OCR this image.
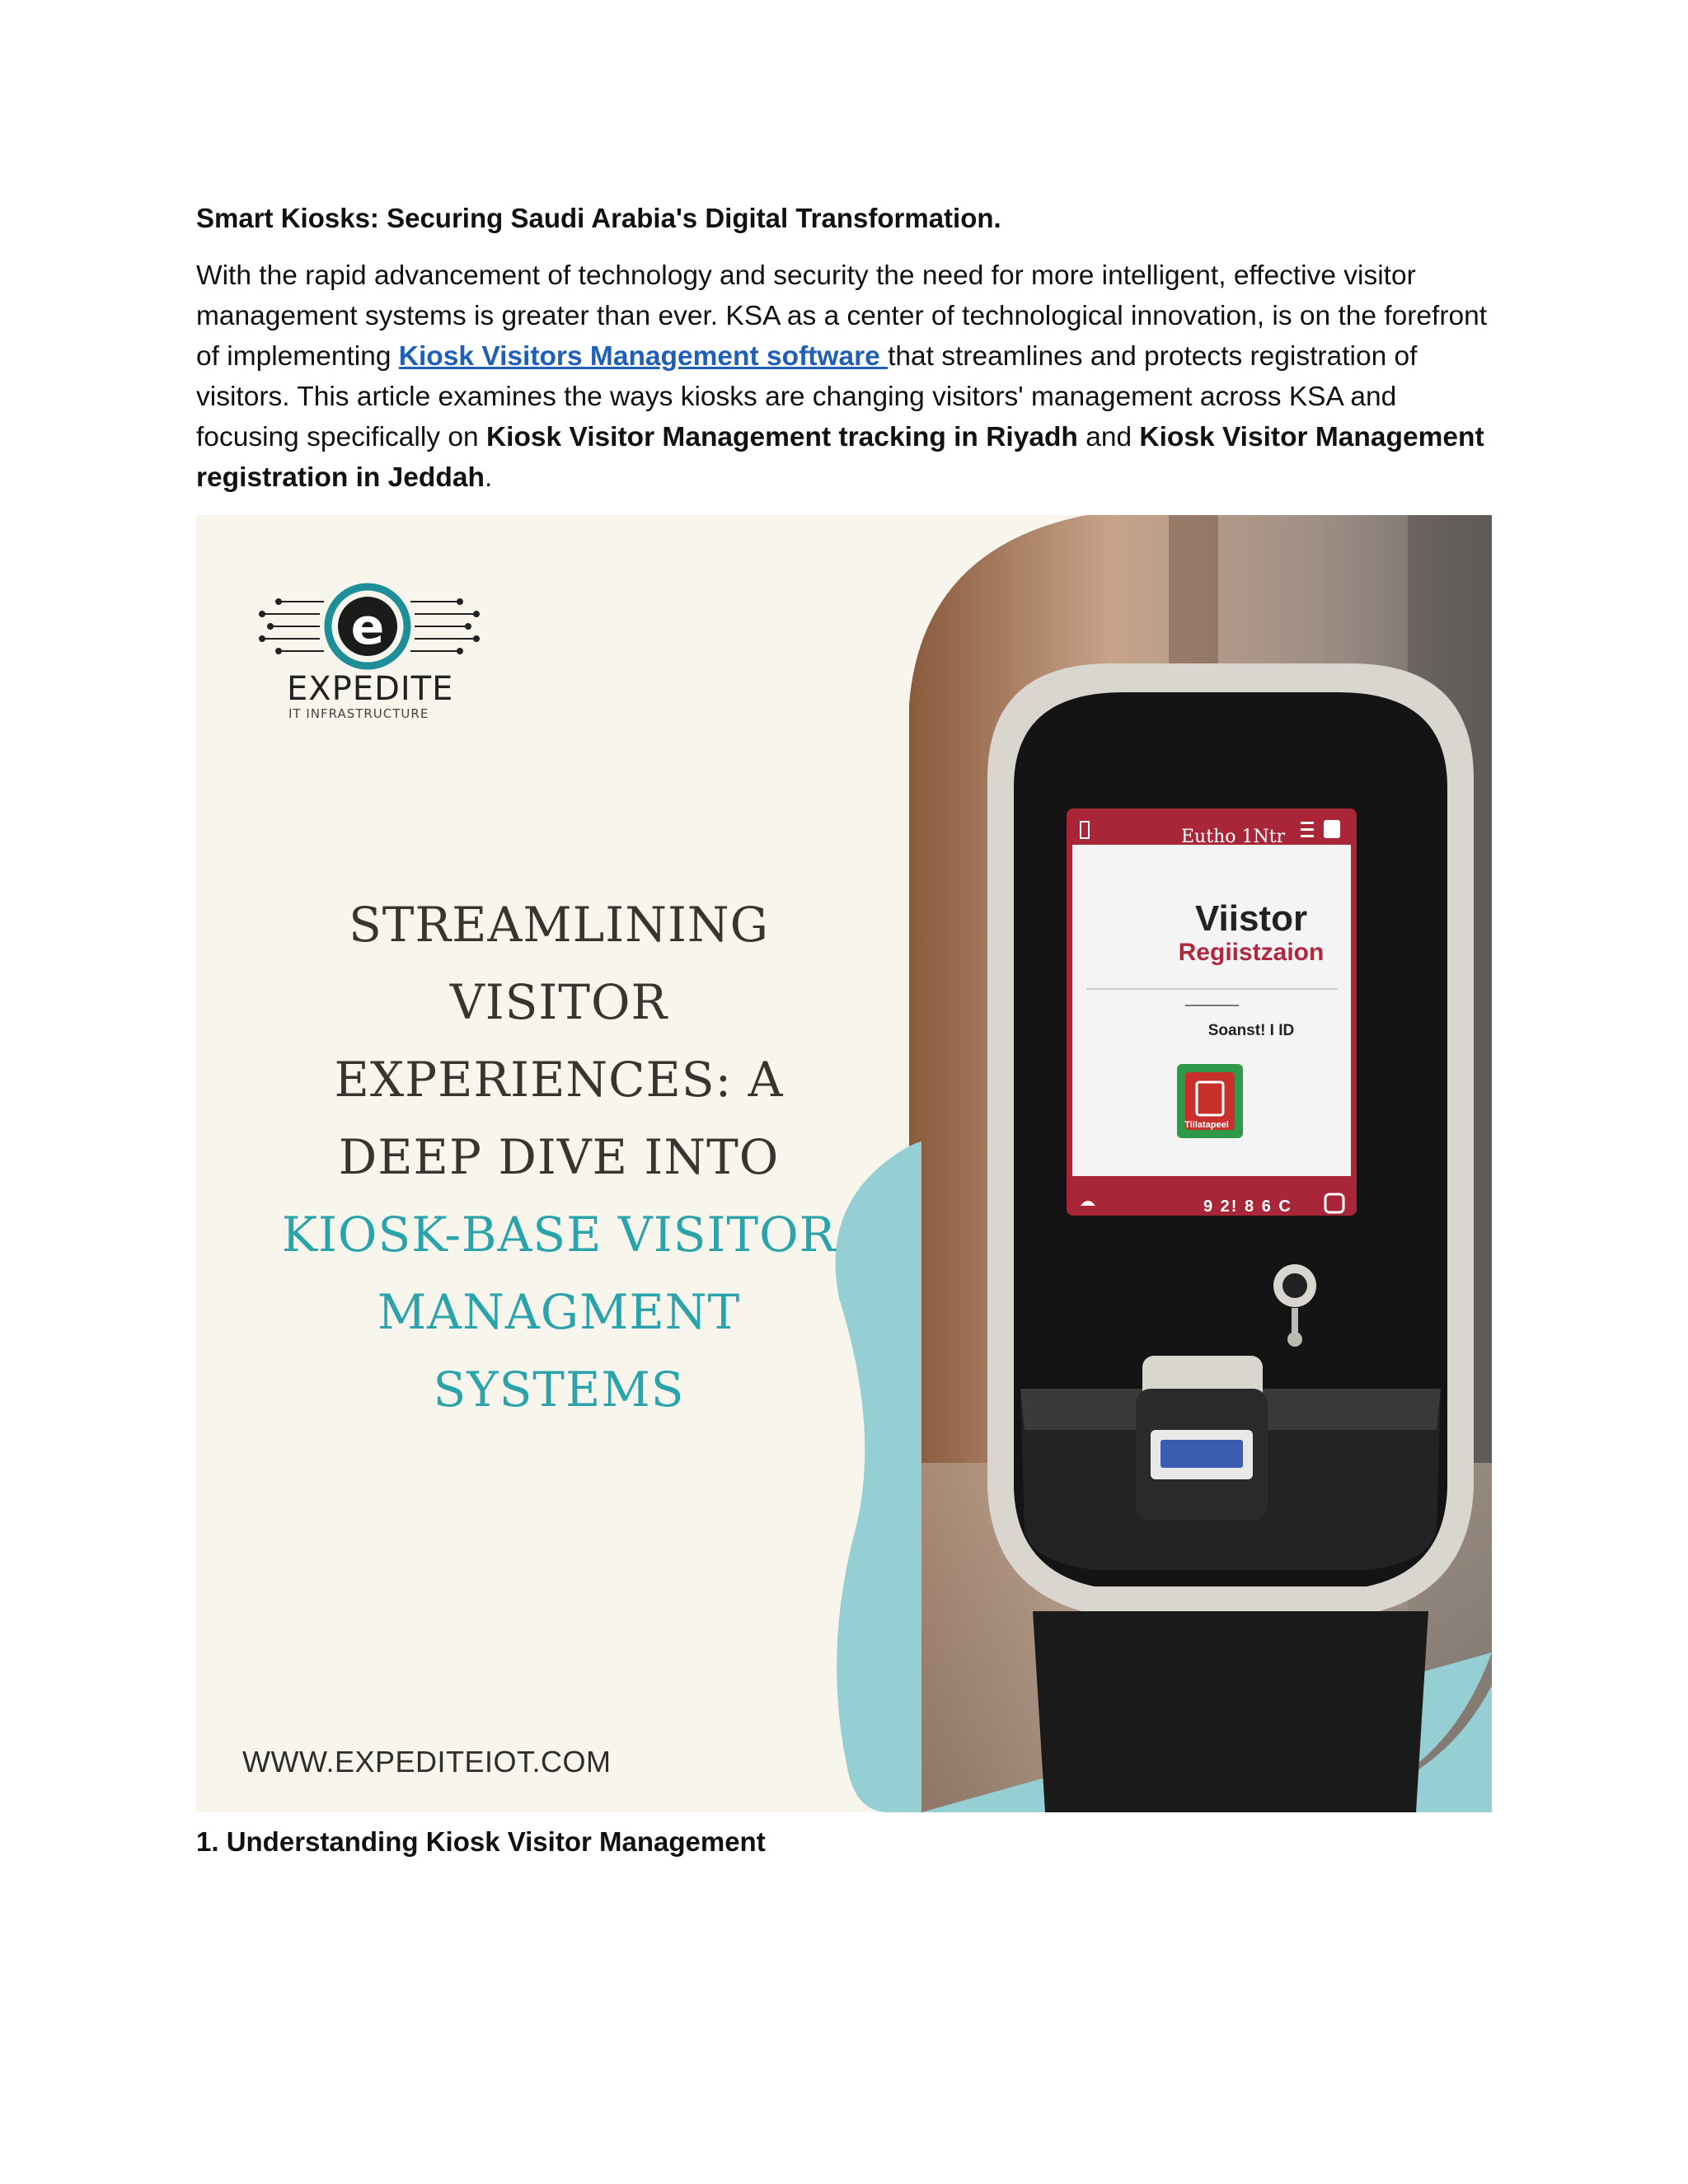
Smart Kiosks: Securing Saudi Arabia's Digital Transformation.

With the rapid advancement of technology and security the need for more intelligent, effective visitor management systems is greater than ever. KSA as a center of technological innovation, is on the forefront of implementing Kiosk Visitors Management software that streamlines and protects registration of visitors. This article examines the ways kiosks are changing visitors' management across KSA and focusing specifically on Kiosk Visitor Management tracking in Riyadh and Kiosk Visitor Management registration in Jeddah.

e
EXPEDITE
IT INFRASTRUCTURE
STREAMLINING
VISITOR
EXPERIENCES: A
DEEP DIVE INTO
KIOSK-BASE VISITOR
MANAGMENT
SYSTEMS
WWW.EXPEDITEIOT.COM
Eutho 1Ntr
Viistor
Regiistzaion
Soanst! I ID
Tiilatapeel
9 2! 8 6 C
1. Understanding Kiosk Visitor Management
